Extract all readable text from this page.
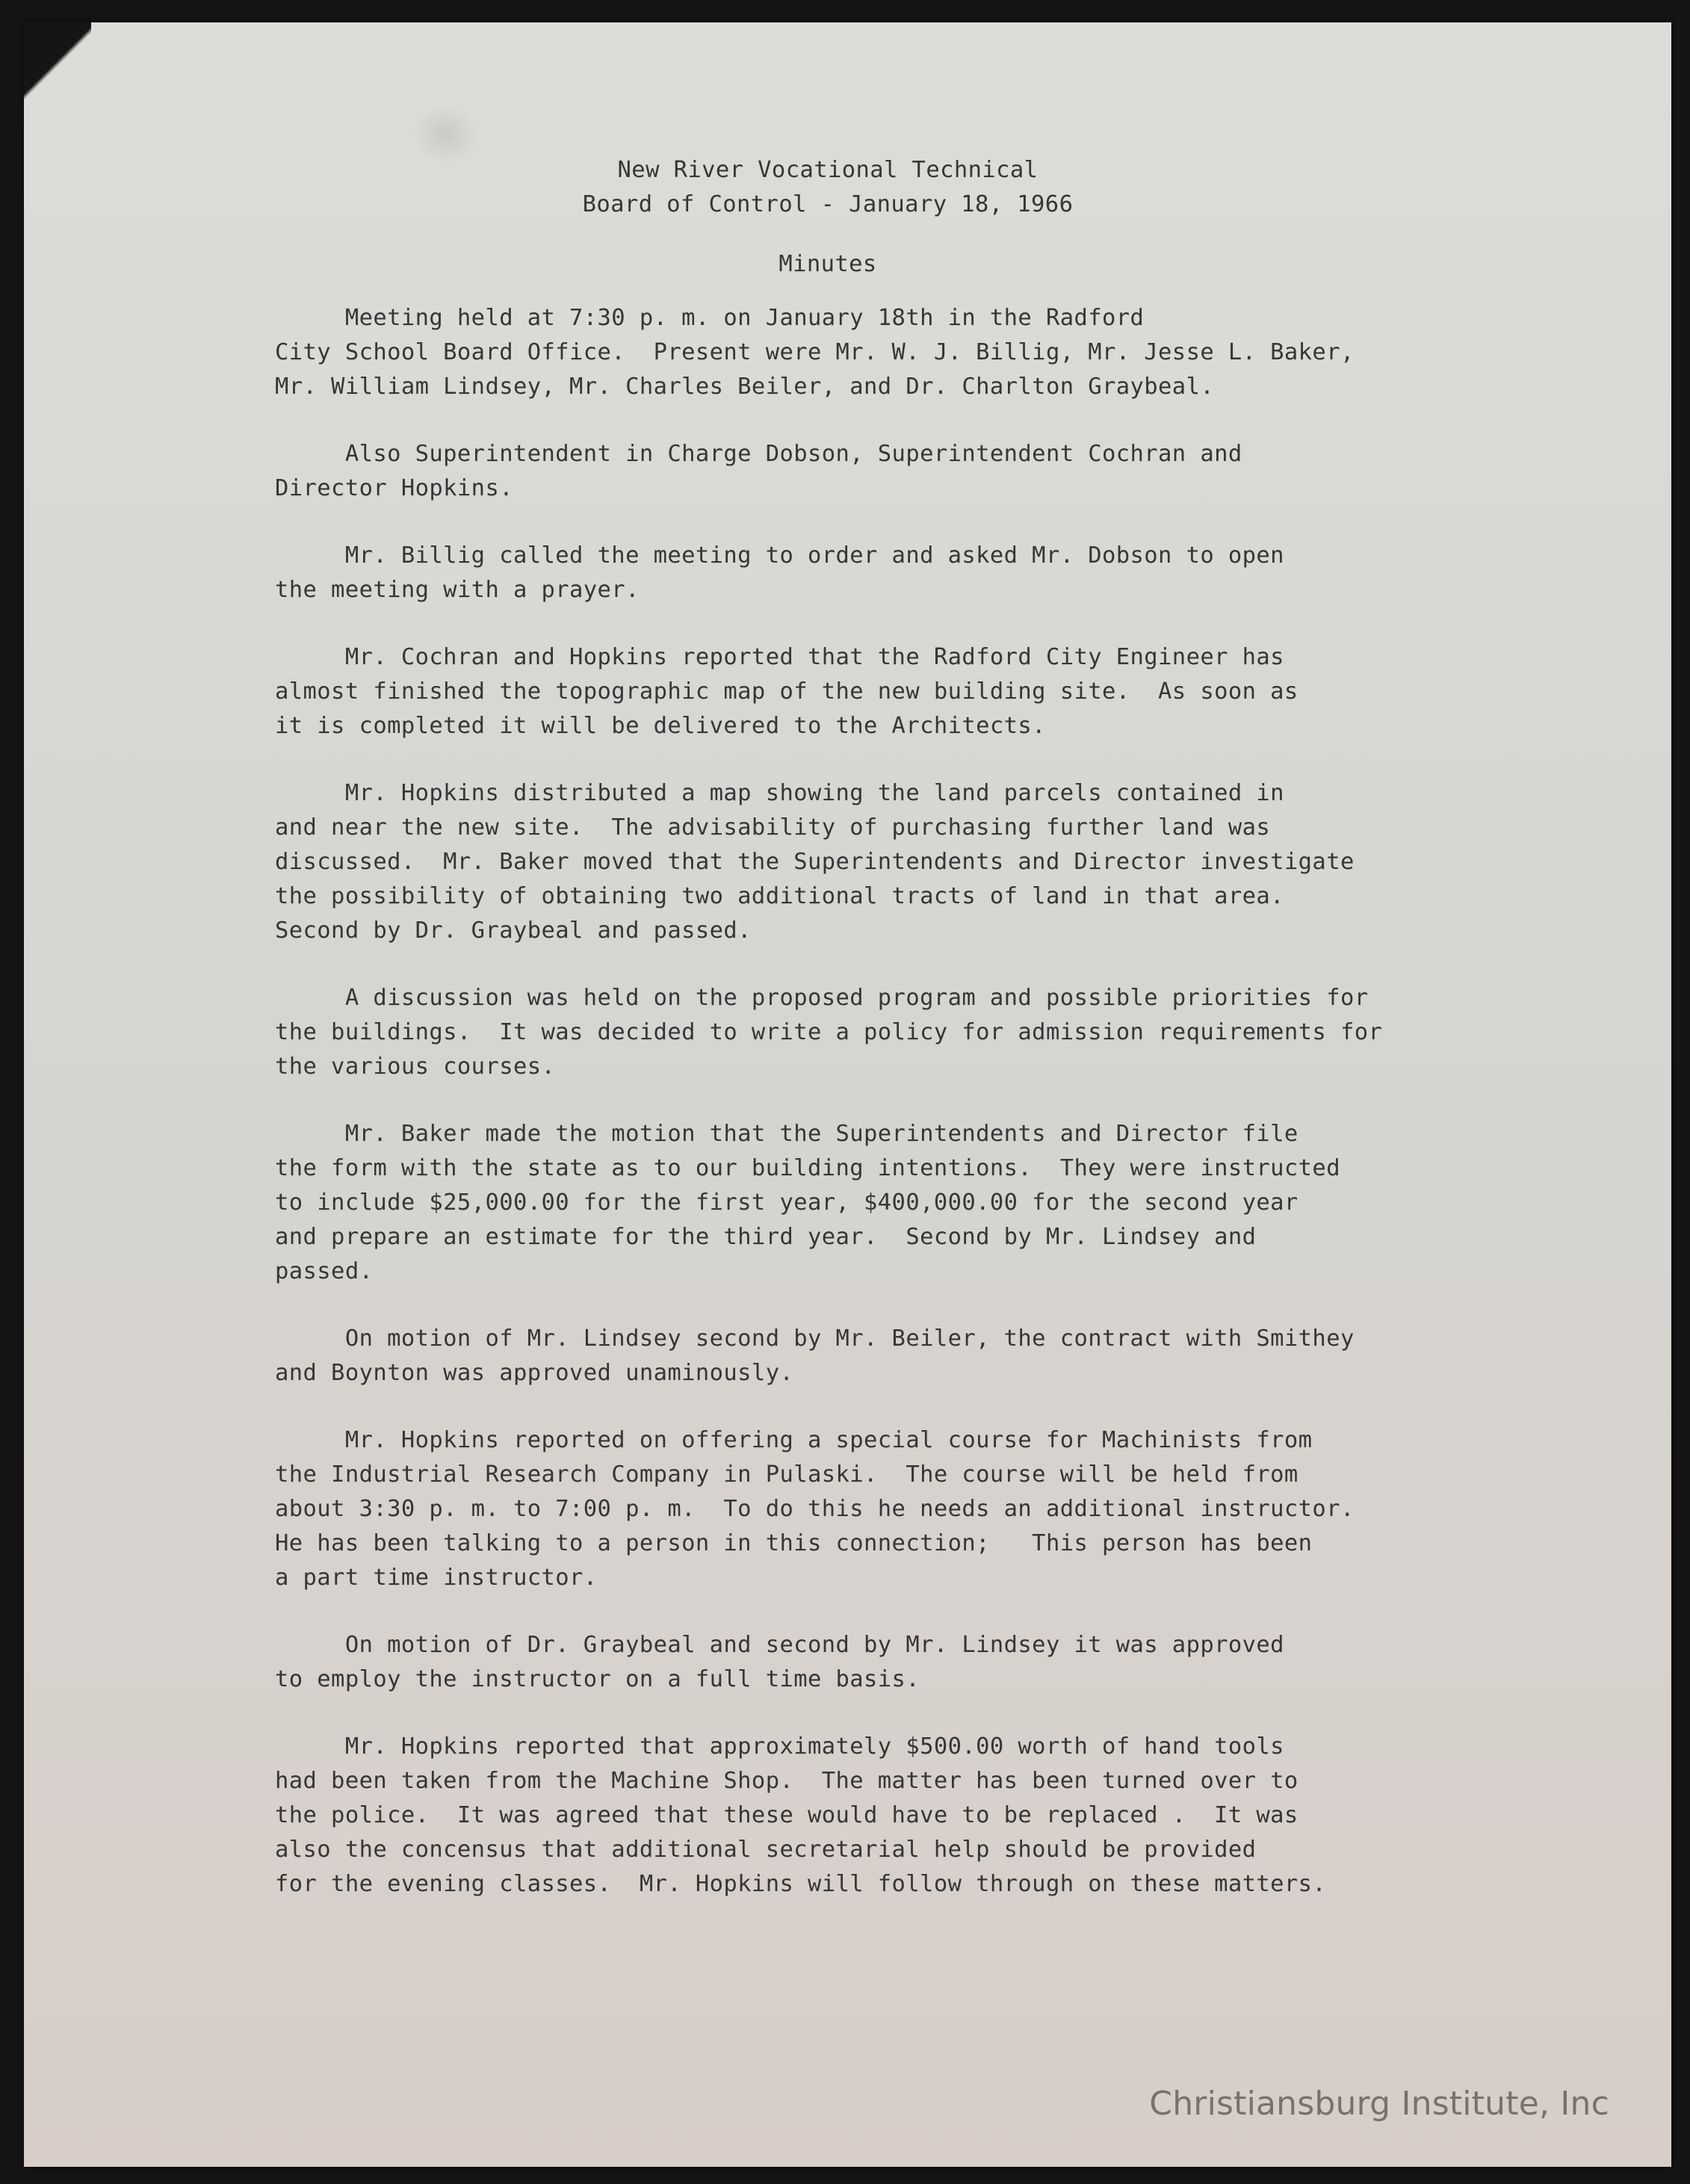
New River Vocational Technical
Board of Control - January 18, 1966
Minutes
Meeting held at 7:30 p. m. on January 18th in the Radford
City School Board Office.  Present were Mr. W. J. Billig, Mr. Jesse L. Baker,
Mr. William Lindsey, Mr. Charles Beiler, and Dr. Charlton Graybeal.
Also Superintendent in Charge Dobson, Superintendent Cochran and
Director Hopkins.
Mr. Billig called the meeting to order and asked Mr. Dobson to open
the meeting with a prayer.
Mr. Cochran and Hopkins reported that the Radford City Engineer has
almost finished the topographic map of the new building site.  As soon as
it is completed it will be delivered to the Architects.
Mr. Hopkins distributed a map showing the land parcels contained in
and near the new site.  The advisability of purchasing further land was
discussed.  Mr. Baker moved that the Superintendents and Director investigate
the possibility of obtaining two additional tracts of land in that area.
Second by Dr. Graybeal and passed.
A discussion was held on the proposed program and possible priorities for
the buildings.  It was decided to write a policy for admission requirements for
the various courses.
Mr. Baker made the motion that the Superintendents and Director file
the form with the state as to our building intentions.  They were instructed
to include $25,000.00 for the first year, $400,000.00 for the second year
and prepare an estimate for the third year.  Second by Mr. Lindsey and
passed.
On motion of Mr. Lindsey second by Mr. Beiler, the contract with Smithey
and Boynton was approved unaminously.
Mr. Hopkins reported on offering a special course for Machinists from
the Industrial Research Company in Pulaski.  The course will be held from
about 3:30 p. m. to 7:00 p. m.  To do this he needs an additional instructor.
He has been talking to a person in this connection;   This person has been
a part time instructor.
On motion of Dr. Graybeal and second by Mr. Lindsey it was approved
to employ the instructor on a full time basis.
Mr. Hopkins reported that approximately $500.00 worth of hand tools
had been taken from the Machine Shop.  The matter has been turned over to
the police.  It was agreed that these would have to be replaced .  It was
also the concensus that additional secretarial help should be provided
for the evening classes.  Mr. Hopkins will follow through on these matters.
Christiansburg Institute, Inc
